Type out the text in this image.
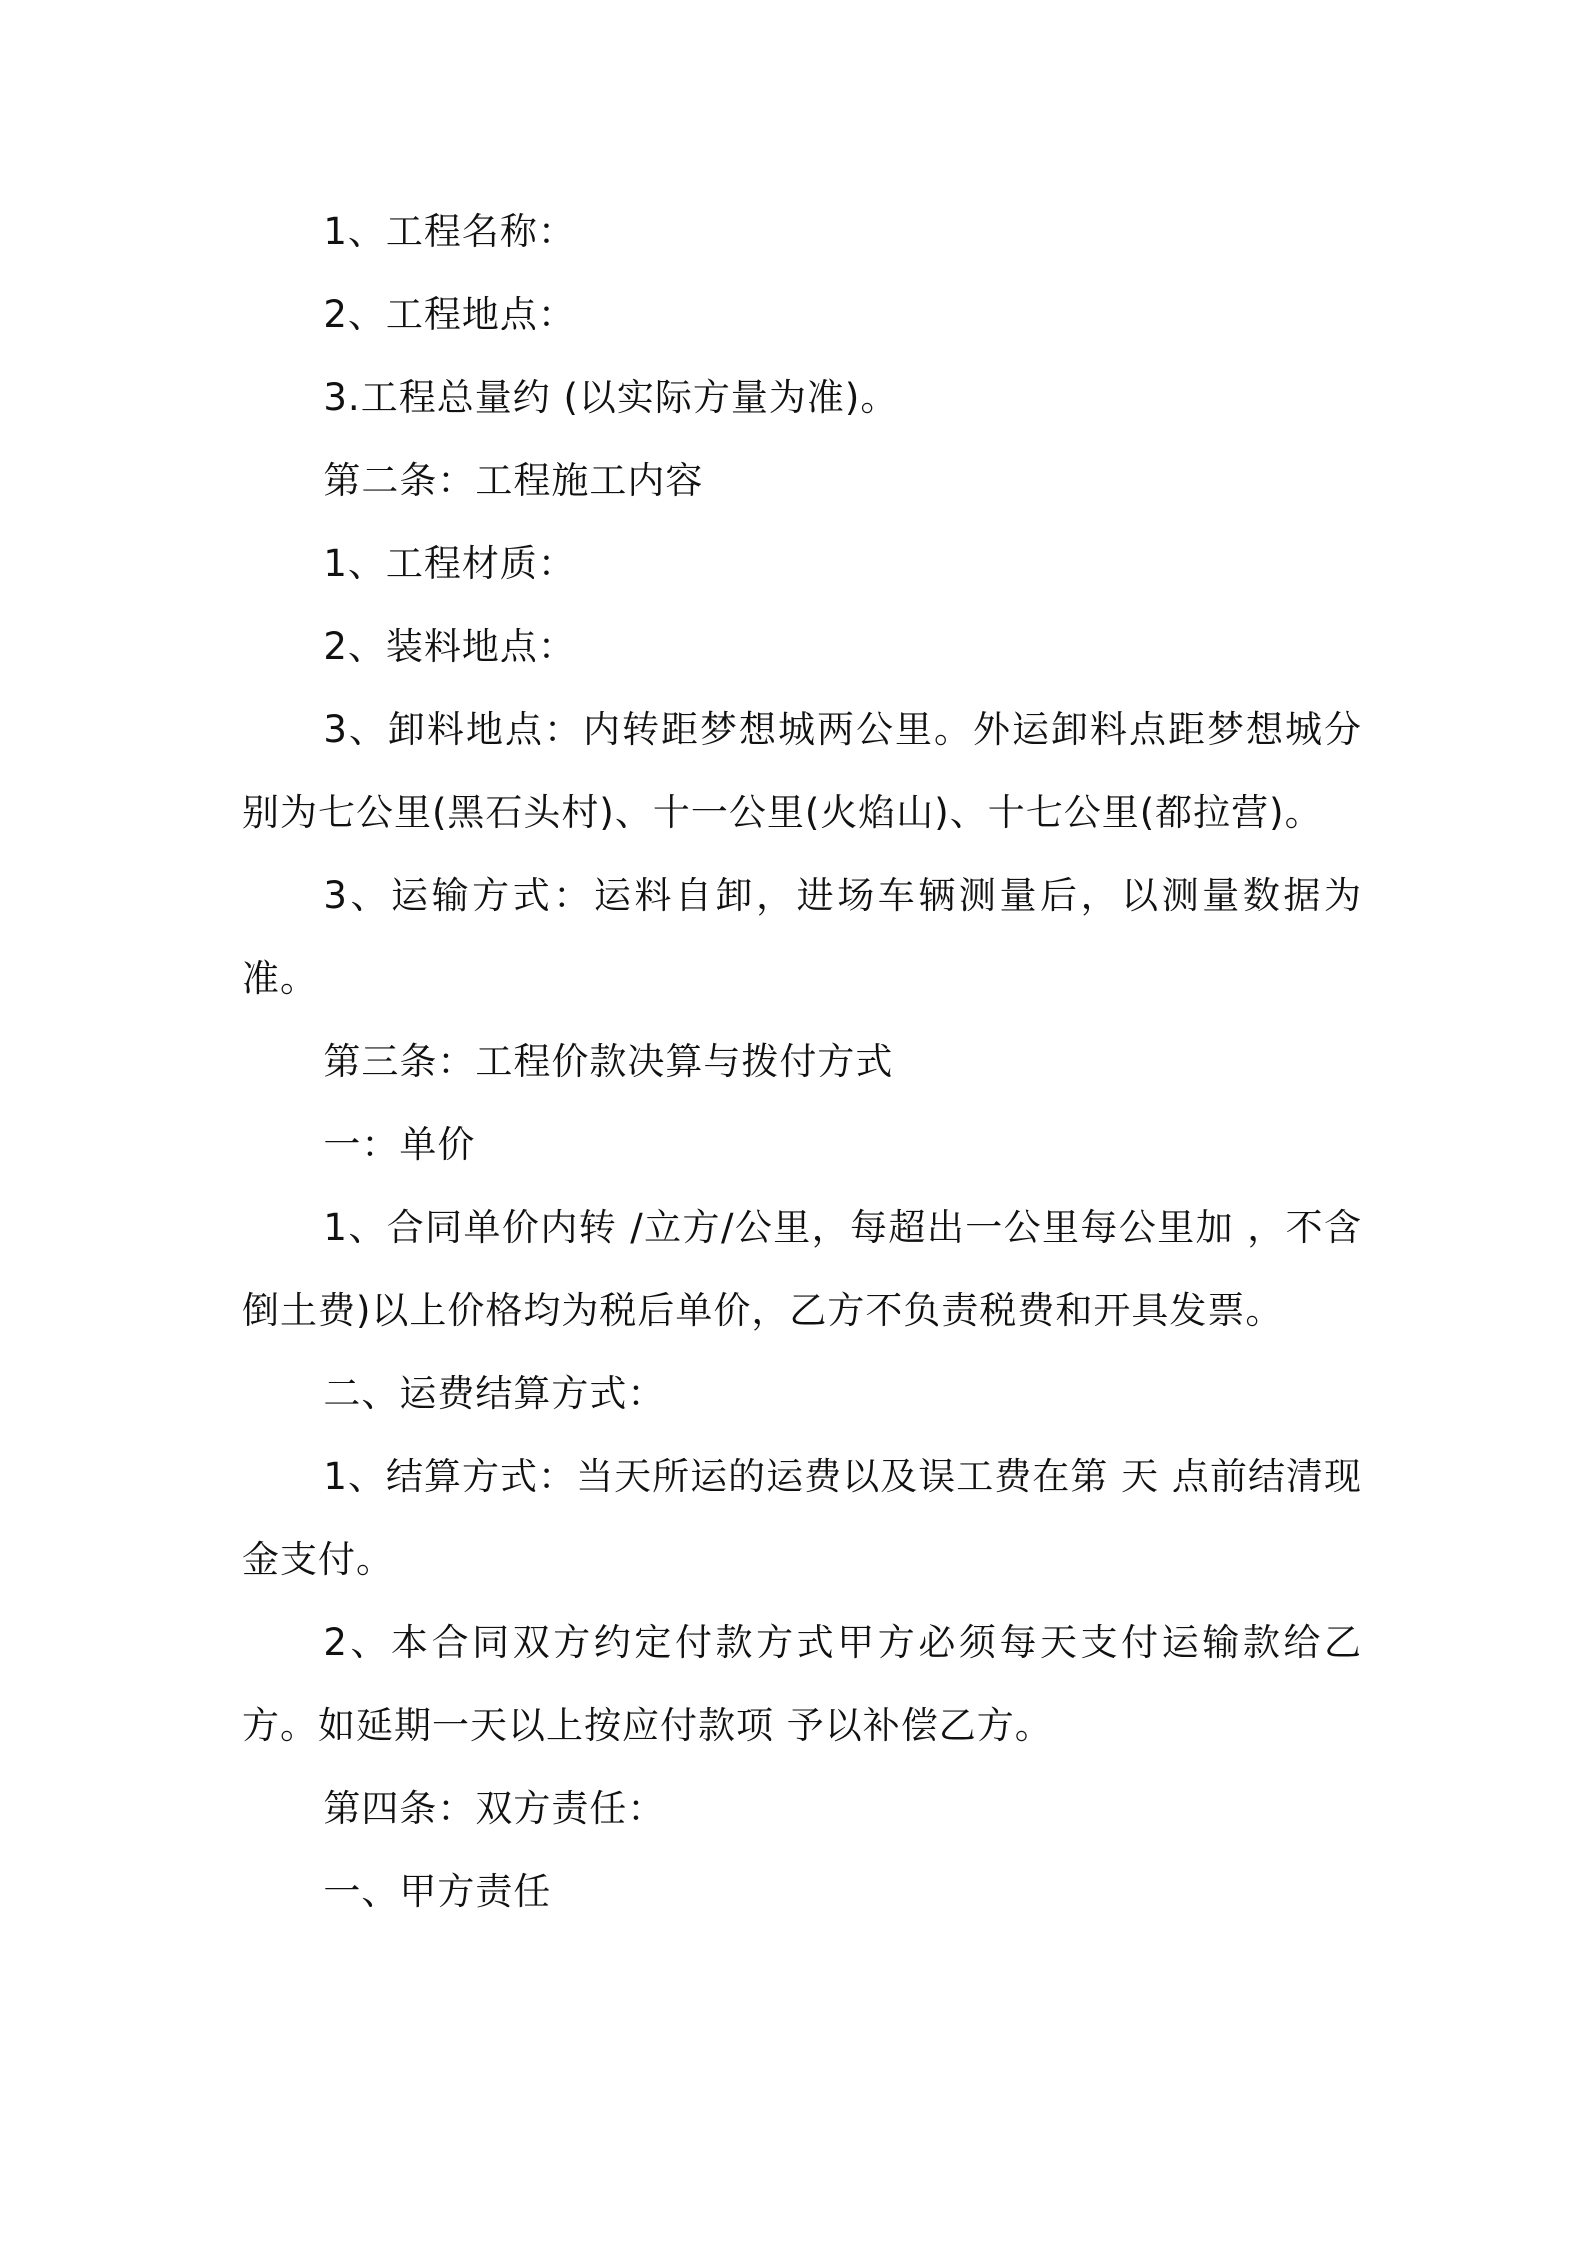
1、工程名称：

2、工程地点：

3.工程总量约 (以实际方量为准)。

第二条：工程施工内容

1、工程材质：

2、装料地点：

3、卸料地点：内转距梦想城两公里。外运卸料点距梦想城分别为七公里(黑石头村)、十一公里(火焰山)、十七公里(都拉营)。

3、运输方式：运料自卸，进场车辆测量后，以测量数据为准。

第三条：工程价款决算与拨付方式

一：单价

1、合同单价内转 /立方/公里，每超出一公里每公里加 ，不含倒土费)以上价格均为税后单价，乙方不负责税费和开具发票。

二、运费结算方式：

1、结算方式：当天所运的运费以及误工费在第 天 点前结清现金支付。

2、本合同双方约定付款方式甲方必须每天支付运输款给乙方。如延期一天以上按应付款项 予以补偿乙方。

第四条：双方责任：

一、甲方责任
